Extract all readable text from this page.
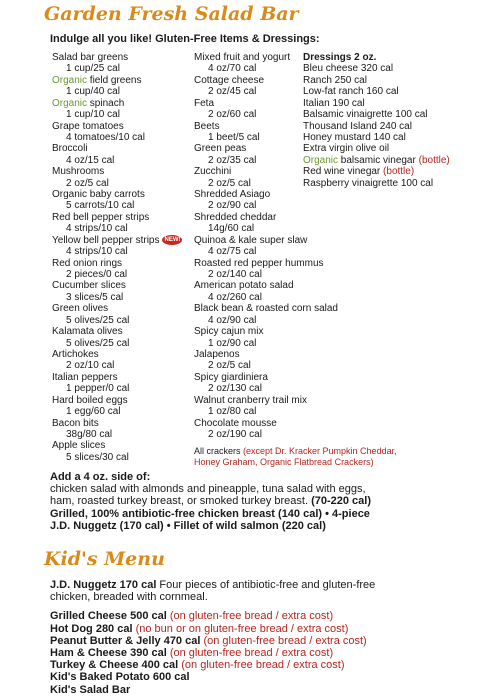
Garden Fresh Salad Bar
Indulge all you like! Gluten-Free Items & Dressings:
Salad bar greens
1 cup/25 cal
Organic field greens
1 cup/40 cal
Organic spinach
1 cup/10 cal
Grape tomatoes
4 tomatoes/10 cal
Broccoli
4 oz/15 cal
Mushrooms
2 oz/5 cal
Organic baby carrots
5 carrots/10 cal
Red bell pepper strips
4 strips/10 cal
Yellow bell pepper strips NEW!
4 strips/10 cal
Red onion rings
2 pieces/0 cal
Cucumber slices
3 slices/5 cal
Green olives
5 olives/25 cal
Kalamata olives
5 olives/25 cal
Artichokes
2 oz/10 cal
Italian peppers
1 pepper/0 cal
Hard boiled eggs
1 egg/60 cal
Bacon bits
38g/80 cal
Apple slices
5 slices/30 cal
Mixed fruit and yogurt
4 oz/70 cal
Cottage cheese
2 oz/45 cal
Feta
2 oz/60 cal
Beets
1 beet/5 cal
Green peas
2 oz/35 cal
Zucchini
2 oz/5 cal
Shredded Asiago
2 oz/90 cal
Shredded cheddar
14g/60 cal
Quinoa & kale super slaw
4 oz/75 cal
Roasted red pepper hummus
2 oz/140 cal
American potato salad
4 oz/260 cal
Black bean & roasted corn salad
4 oz/90 cal
Spicy cajun mix
1 oz/90 cal
Jalapenos
2 oz/5 cal
Spicy giardiniera
2 oz/130 cal
Walnut cranberry trail mix
1 oz/80 cal
Chocolate mousse
2 oz/190 cal
Dressings 2 oz.
Bleu cheese 320 cal
Ranch 250 cal
Low-fat ranch 160 cal
Italian 190 cal
Balsamic vinaigrette 100 cal
Thousand Island 240 cal
Honey mustard 140 cal
Extra virgin olive oil
Organic balsamic vinegar (bottle)
Red wine vinegar (bottle)
Raspberry vinaigrette 100 cal
All crackers (except Dr. Kracker Pumpkin Cheddar,
Honey Graham, Organic Flatbread Crackers)
Add a 4 oz. side of:
chicken salad with almonds and pineapple, tuna salad with eggs,
ham, roasted turkey breast, or smoked turkey breast. (70-220 cal)
Grilled, 100% antibiotic-free chicken breast (140 cal) • 4-piece
J.D. Nuggetz (170 cal) • Fillet of wild salmon (220 cal)
Kid's Menu
J.D. Nuggetz 170 cal Four pieces of antibiotic-free and gluten-free
chicken, breaded with cornmeal.
Grilled Cheese 500 cal (on gluten-free bread / extra cost)
Hot Dog 280 cal (no bun or on gluten-free bread / extra cost)
Peanut Butter & Jelly 470 cal (on gluten-free bread / extra cost)
Ham & Cheese 390 cal (on gluten-free bread / extra cost)
Turkey & Cheese 400 cal (on gluten-free bread / extra cost)
Kid's Baked Potato 600 cal
Kid's Salad Bar
